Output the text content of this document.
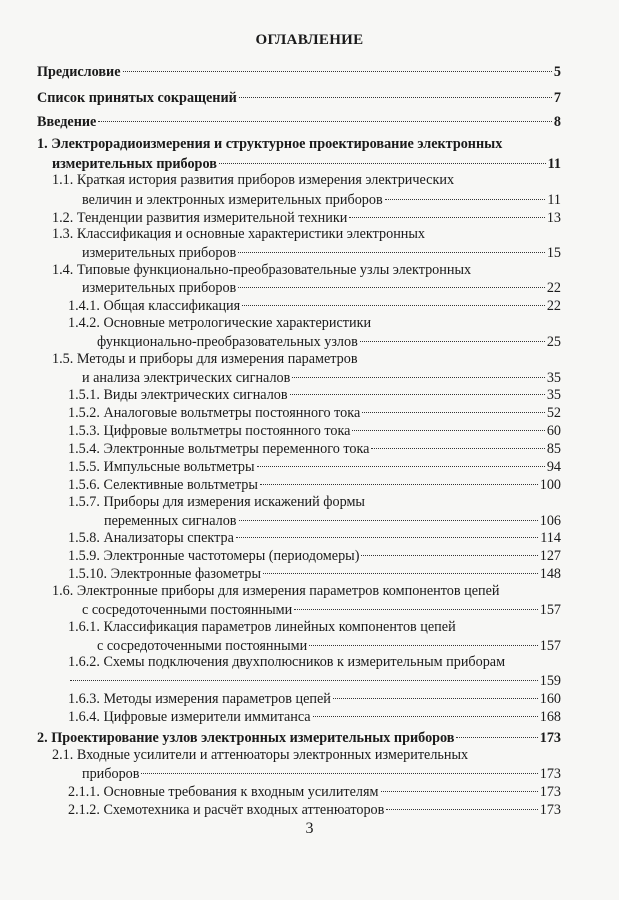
ОГЛАВЛЕНИЕ
Предисловие	5
Список принятых сокращений	7
Введение	8
1. Электрорадиоизмерения и структурное проектирование электронных
измерительных приборов	11
1.1. Краткая история развития приборов измерения электрических
величин и электронных измерительных приборов	11
1.2. Тенденции развития измерительной техники	13
1.3. Классификация и основные характеристики электронных
измерительных приборов	15
1.4. Типовые функционально-преобразовательные узлы электронных
измерительных приборов	22
1.4.1. Общая классификация	22
1.4.2. Основные метрологические характеристики
функционально-преобразовательных узлов	25
1.5. Методы и приборы для измерения параметров
и анализа электрических сигналов	35
1.5.1. Виды электрических сигналов	35
1.5.2. Аналоговые вольтметры постоянного тока	52
1.5.3. Цифровые вольтметры постоянного тока	60
1.5.4. Электронные вольтметры переменного тока	85
1.5.5. Импульсные вольтметры	94
1.5.6. Селективные вольтметры	100
1.5.7. Приборы для измерения искажений формы
переменных сигналов	106
1.5.8. Анализаторы спектра	114
1.5.9. Электронные частотомеры (периодомеры)	127
1.5.10. Электронные фазометры	148
1.6. Электронные приборы для измерения параметров компонентов цепей
с сосредоточенными постоянными	157
1.6.1. Классификация параметров линейных компонентов цепей
с сосредоточенными постоянными	157
1.6.2. Схемы подключения двухполюсников к измерительным приборам
159
1.6.3. Методы измерения параметров цепей	160
1.6.4. Цифровые измерители иммитанса	168
2. Проектирование узлов электронных измерительных приборов	173
2.1. Входные усилители и аттенюаторы электронных измерительных
приборов	173
2.1.1. Основные требования к входным усилителям	173
2.1.2. Схемотехника и расчёт входных аттенюаторов	173
3
